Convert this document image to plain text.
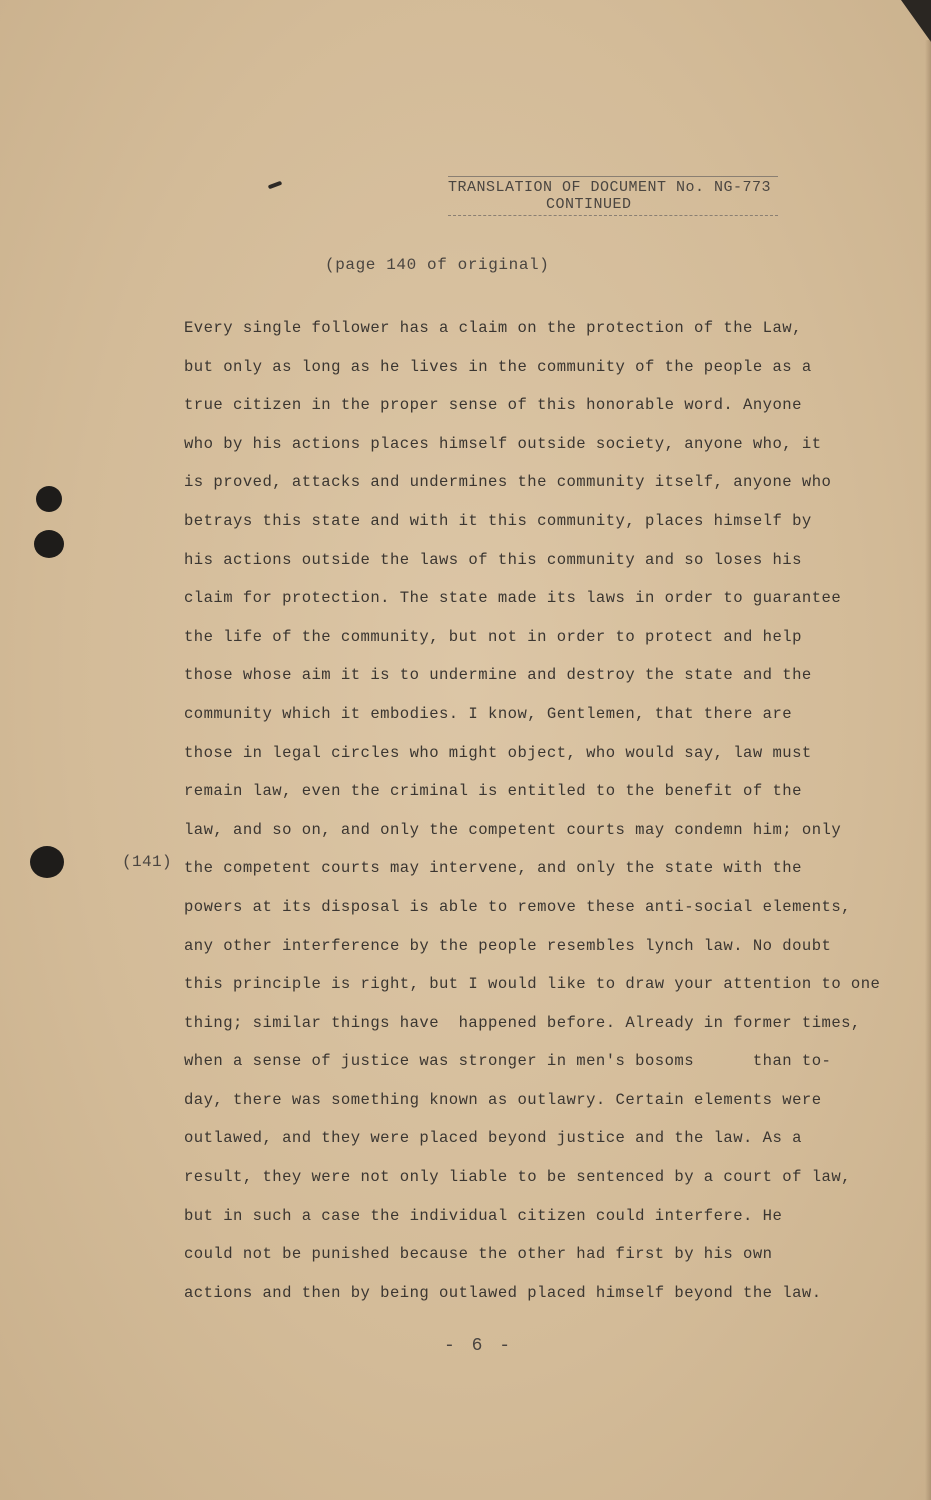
TRANSLATION OF DOCUMENT No. NG-773
CONTINUED
(page 140 of original)
(141)
Every single follower has a claim on the protection of the Law,
but only as long as he lives in the community of the people as a
true citizen in the proper sense of this honorable word. Anyone
who by his actions places himself outside society, anyone who, it
is proved, attacks and undermines the community itself, anyone who
betrays this state and with it this community, places himself by
his actions outside the laws of this community and so loses his
claim for protection. The state made its laws in order to guarantee
the life of the community, but not in order to protect and help
those whose aim it is to undermine and destroy the state and the
community which it embodies. I know, Gentlemen, that there are
those in legal circles who might object, who would say, law must
remain law, even the criminal is entitled to the benefit of the
law, and so on, and only the competent courts may condemn him; only
the competent courts may intervene, and only the state with the
powers at its disposal is able to remove these anti-social elements,
any other interference by the people resembles lynch law. No doubt
this principle is right, but I would like to draw your attention to one
thing; similar things have  happened before. Already in former times,
when a sense of justice was stronger in men's bosoms      than to-
day, there was something known as outlawry. Certain elements were
outlawed, and they were placed beyond justice and the law. As a
result, they were not only liable to be sentenced by a court of law,
but in such a case the individual citizen could interfere. He
could not be punished because the other had first by his own
actions and then by being outlawed placed himself beyond the law.
- 6 -
